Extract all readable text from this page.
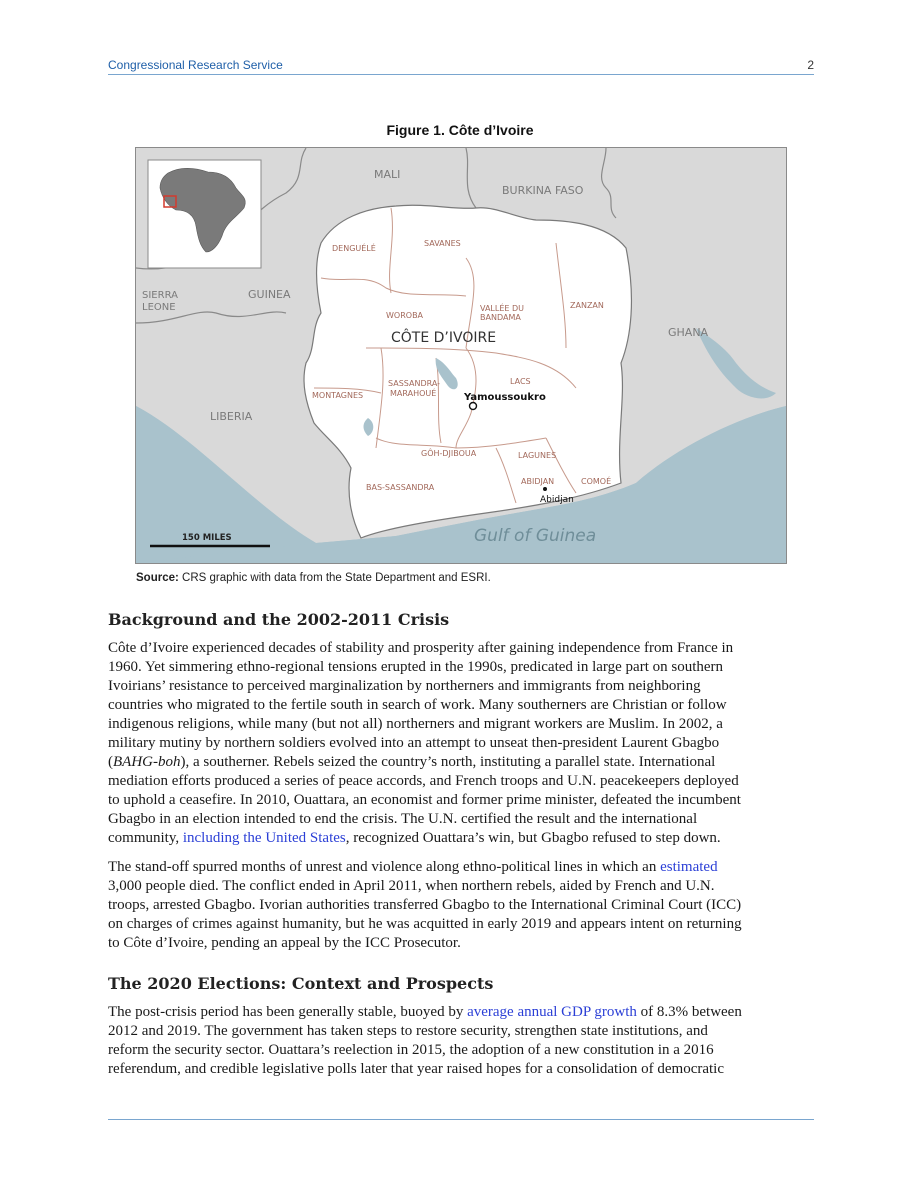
Congressional Research Service	2
Figure 1. Côte d’Ivoire
150 MILES
MALI
BURKINA FASO
GUINEA
SIERRA
LEONE
GHANA
LIBERIA
CÔTE D’IVOIRE
Gulf of Guinea
DENGUÉLÉ
SAVANES
ZANZAN
WOROBA
VALLÉE DU
BANDAMA
MONTAGNES
SASSANDRA-
MARAHOUÉ
LACS
GÔH-DJIBOUA	LAGUNES
BAS-SASSANDRA
ABIDJAN	COMOÉ
Yamoussoukro
Abidjan
Source: CRS graphic with data from the State Department and ESRI.
Background and the 2002-2011 Crisis
Côte d’Ivoire experienced decades of stability and prosperity after gaining independence from France in
1960. Yet simmering ethno-regional tensions erupted in the 1990s, predicated in large part on southern
Ivoirians’ resistance to perceived marginalization by northerners and immigrants from neighboring
countries who migrated to the fertile south in search of work. Many southerners are Christian or follow
indigenous religions, while many (but not all) northerners and migrant workers are Muslim. In 2002, a
military mutiny by northern soldiers evolved into an attempt to unseat then-president Laurent Gbagbo
(BAHG-boh), a southerner. Rebels seized the country’s north, instituting a parallel state. International
mediation efforts produced a series of peace accords, and French troops and U.N. peacekeepers deployed
to uphold a ceasefire. In 2010, Ouattara, an economist and former prime minister, defeated the incumbent
Gbagbo in an election intended to end the crisis. The U.N. certified the result and the international
community, including the United States, recognized Ouattara’s win, but Gbagbo refused to step down.
The stand-off spurred months of unrest and violence along ethno-political lines in which an estimated
3,000 people died. The conflict ended in April 2011, when northern rebels, aided by French and U.N.
troops, arrested Gbagbo. Ivorian authorities transferred Gbagbo to the International Criminal Court (ICC)
on charges of crimes against humanity, but he was acquitted in early 2019 and appears intent on returning
to Côte d’Ivoire, pending an appeal by the ICC Prosecutor.
The 2020 Elections: Context and Prospects
The post-crisis period has been generally stable, buoyed by average annual GDP growth of 8.3% between
2012 and 2019. The government has taken steps to restore security, strengthen state institutions, and
reform the security sector. Ouattara’s reelection in 2015, the adoption of a new constitution in a 2016
referendum, and credible legislative polls later that year raised hopes for a consolidation of democratic
